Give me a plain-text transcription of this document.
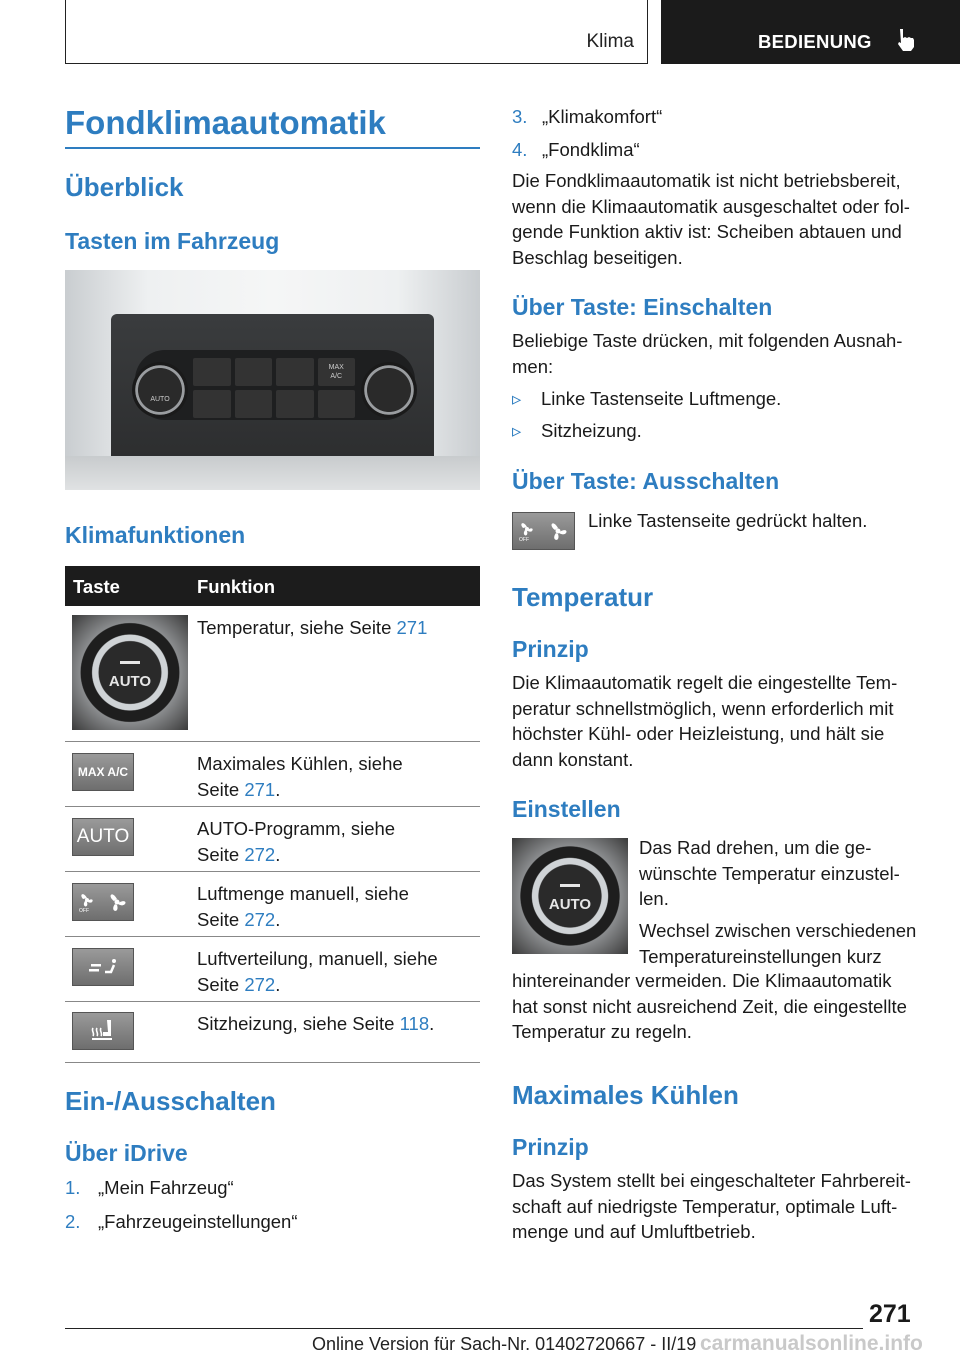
Klima	BEDIENUNG
Fondklimaautomatik
Überblick
Tasten im Fahrzeug
AUTO
MAX
A/C
Klimafunktionen
Taste	Funktion
AUTO
Temperatur, siehe Seite 271
MAX A/C	Maximales Kühlen, siehe
Seite 271.
AUTO	AUTO-Programm, siehe
Seite 272.
OFF
Luftmenge manuell, siehe
Seite 272.
Luftverteilung, manuell, siehe
Seite 272.
Sitzheizung, siehe Seite 118.
Ein-/Ausschalten
Über iDrive
1. „Mein Fahrzeug“
2. „Fahrzeugeinstellungen“
3. „Klimakomfort“
4. „Fondklima“
Die Fondklimaautomatik ist nicht betriebsbereit,
wenn die Klimaautomatik ausgeschaltet oder fol-
gende Funktion aktiv ist: Scheiben abtauen und
Beschlag beseitigen.
Über Taste: Einschalten
Beliebige Taste drücken, mit folgenden Ausnah-
men:
▹ Linke Tastenseite Luftmenge.
▹ Sitzheizung.
Über Taste: Ausschalten
OFF
Linke Tastenseite gedrückt halten.
Temperatur
Prinzip
Die Klimaautomatik regelt die eingestellte Tem-
peratur schnellstmöglich, wenn erforderlich mit
höchster Kühl- oder Heizleistung, und hält sie
dann konstant.
Einstellen
AUTO
Das Rad drehen, um die ge-
wünschte Temperatur einzustel-
len.
Wechsel zwischen verschiedenen
Temperatureinstellungen kurz
hintereinander vermeiden. Die Klimaautomatik
hat sonst nicht ausreichend Zeit, die eingestellte
Temperatur zu regeln.
Maximales Kühlen
Prinzip
Das System stellt bei eingeschalteter Fahrbereit-
schaft auf niedrigste Temperatur, optimale Luft-
menge und auf Umluftbetrieb.
271
Online Version für Sach-Nr. 01402720667 - II/19 carmanualsonline.info
